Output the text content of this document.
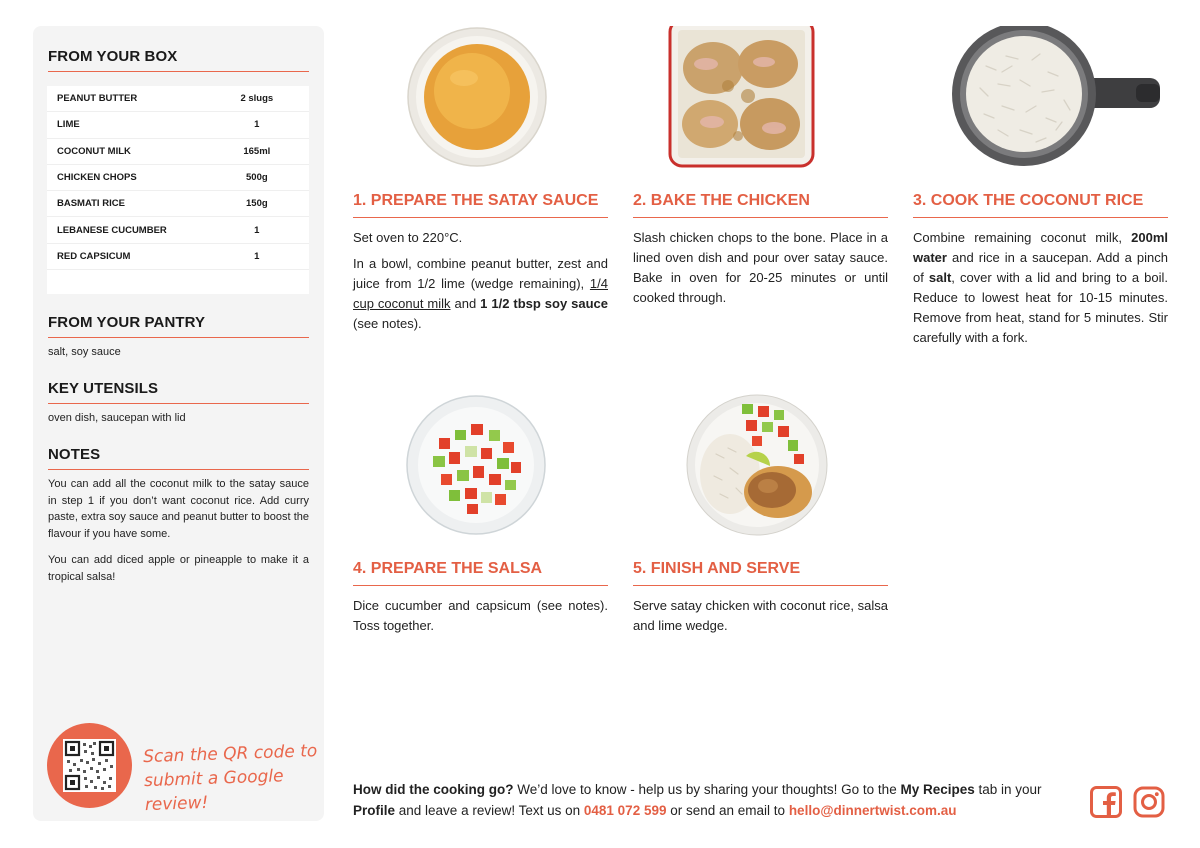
FROM YOUR BOX
PEANUT BUTTER	2 slugs
LIME	1
COCONUT MILK	165ml
CHICKEN CHOPS	500g
BASMATI RICE	150g
LEBANESE CUCUMBER	1
RED CAPSICUM	1
FROM YOUR PANTRY
salt, soy sauce
KEY UTENSILS
oven dish, saucepan with lid
NOTES
You can add all the coconut milk to the satay sauce in step 1 if you don’t want coconut rice. Add curry paste, extra soy sauce and peanut butter to boost the flavour if you have some.
You can add diced apple or pineapple to make it a tropical salsa!
Scan the QR code to
submit a Google review!
1. PREPARE THE SATAY SAUCE

Set oven to 220°C.

In a bowl, combine peanut butter, zest and juice from 1/2 lime (wedge remaining), 1/4 cup coconut milk and 1 1/2 tbsp soy sauce (see notes).

2. BAKE THE CHICKEN

Slash chicken chops to the bone. Place in a lined oven dish and pour over satay sauce. Bake in oven for 20-25 minutes or until cooked through.

3. COOK THE COCONUT RICE

Combine remaining coconut milk, 200ml water and rice in a saucepan. Add a pinch of salt, cover with a lid and bring to a boil. Reduce to lowest heat for 10-15 minutes. Remove from heat, stand for 5 minutes. Stir carefully with a fork.

4. PREPARE THE SALSA

Dice cucumber and capsicum (see notes). Toss together.

5. FINISH AND SERVE

Serve satay chicken with coconut rice, salsa and lime wedge.

How did the cooking go? We’d love to know - help us by sharing your thoughts! Go to the My Recipes tab in your Profile and leave a review! Text us on 0481 072 599 or send an email to hello@dinnertwist.com.au
